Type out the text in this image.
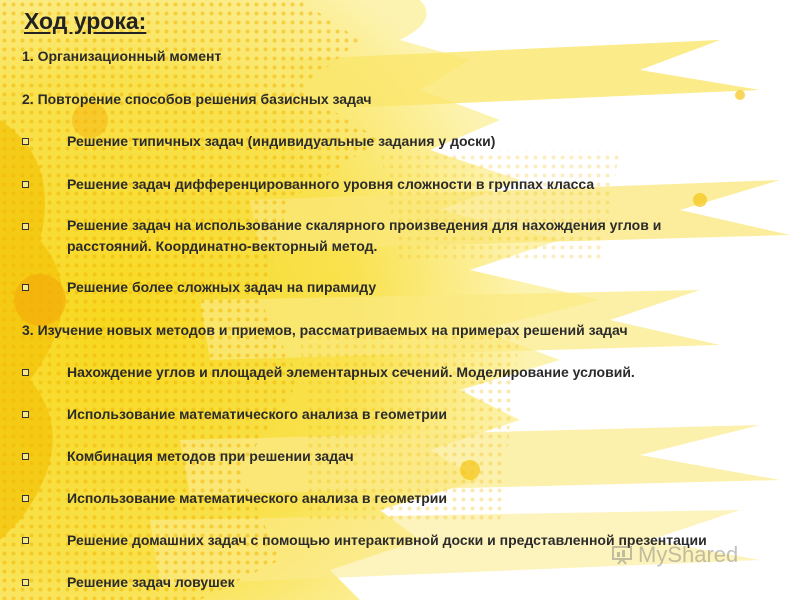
Ход урока:
1. Организационный момент
2. Повторение способов решения базисных задач
Решение типичных задач (индивидуальные задания у доски)
Решение задач дифференцированного уровня сложности в группах класса
Решение задач на использование скалярного произведения для нахождения углов и расстояний. Координатно-векторный метод.
Решение более сложных задач на пирамиду
3. Изучение новых методов и приемов, рассматриваемых на примерах решений задач
Нахождение углов и площадей элементарных сечений. Моделирование условий.
Использование математического анализа в геометрии
Комбинация методов при решении задач
Использование математического анализа в геометрии
Решение домашних задач с помощью интерактивной доски и представленной презентации
Решение задач ловушек
MyShared
